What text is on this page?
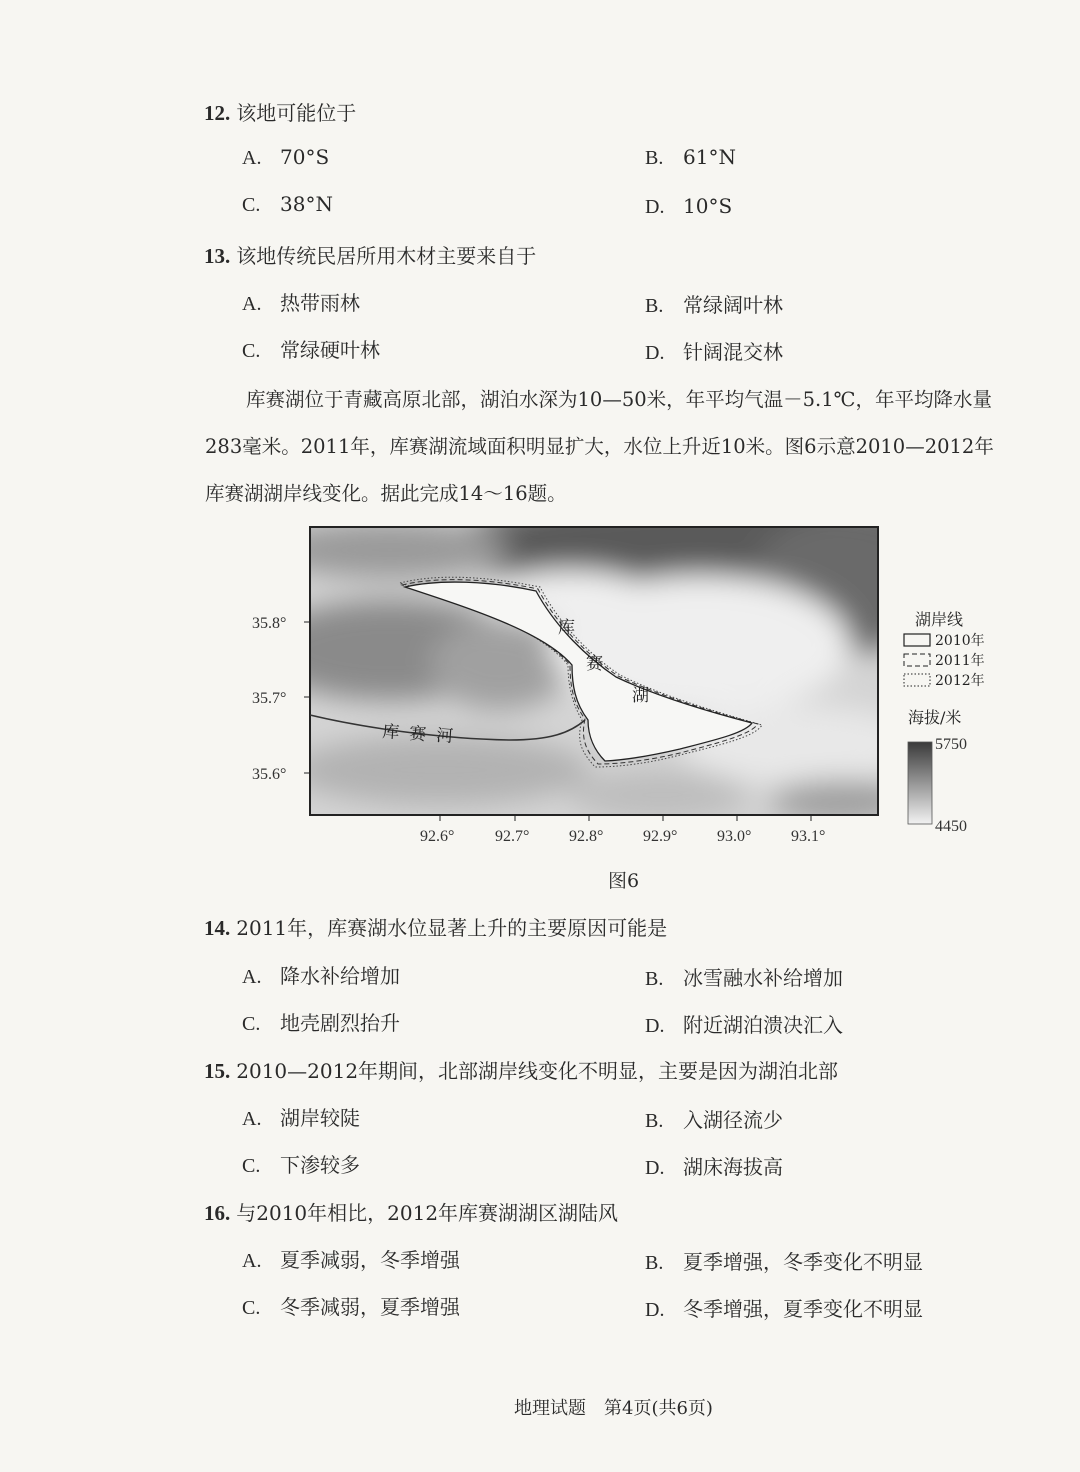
12. 该地可能位于
A. 70°S	B. 61°N
C. 38°N	D. 10°S
13. 该地传统民居所用木材主要来自于
A. 热带雨林	B. 常绿阔叶林
C. 常绿硬叶林	D. 针阔混交林
库赛湖位于青藏高原北部，湖泊水深为10—50米，年平均气温－5.1℃，年平均降水量
283毫米。2011年，库赛湖流域面积明显扩大，水位上升近10米。图6示意2010—2012年
库赛湖湖岸线变化。据此完成14～16题。
库赛河
库
赛
湖
35.8°
35.7°
35.6°
92.6°	92.7° 92.8° 92.9° 93.0° 93.1°
湖岸线
2010年
2011年
2012年
海拔/米
5750
4450
图6
14. 2011年，库赛湖水位显著上升的主要原因可能是
A. 降水补给增加	B. 冰雪融水补给增加
C. 地壳剧烈抬升	D. 附近湖泊溃决汇入
15. 2010—2012年期间，北部湖岸线变化不明显，主要是因为湖泊北部
A. 湖岸较陡	B. 入湖径流少
C. 下渗较多	D. 湖床海拔高
16. 与2010年相比，2012年库赛湖湖区湖陆风
A. 夏季减弱，冬季增强	B. 夏季增强，冬季变化不明显
C. 冬季减弱，夏季增强	D. 冬季增强，夏季变化不明显
地理试题　第4页(共6页)
